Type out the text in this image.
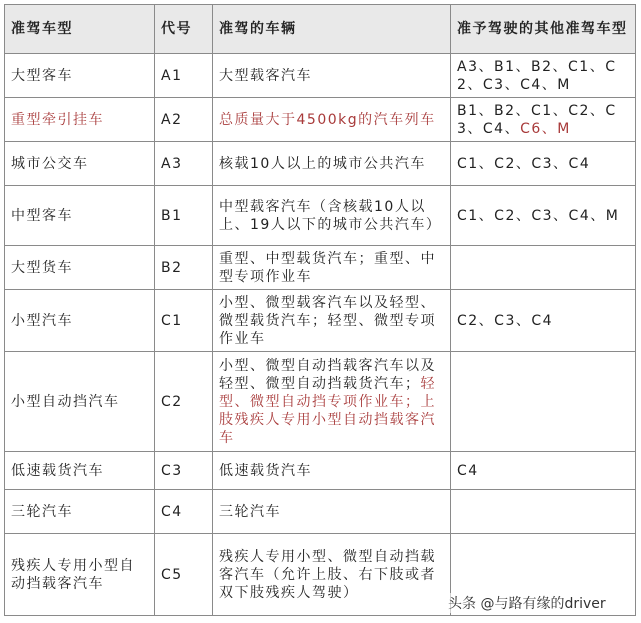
准驾车型	代号	准驾的车辆	准予驾驶的其他准驾车型
大型客车	A1	大型载客汽车	A3、B1、B2、C1、C2、C3、C4、M
重型牵引挂车	A2	总质量大于4500kg的汽车列车	B1、B2、C1、C2、C3、C4、C6、M
城市公交车	A3	核载10人以上的城市公共汽车	C1、C2、C3、C4
中型客车	B1	中型载客汽车（含核载10人以上、19人以下的城市公共汽车）	C1、C2、C3、C4、M
大型货车	B2	重型、中型载货汽车；重型、中型专项作业车	
小型汽车	C1	小型、微型载客汽车以及轻型、微型载货汽车；轻型、微型专项作业车	C2、C3、C4
小型自动挡汽车	C2	小型、微型自动挡载客汽车以及轻型、微型自动挡载货汽车；轻型、微型自动挡专项作业车；上肢残疾人专用小型自动挡载客汽车	
低速载货汽车	C3	低速载货汽车	C4
三轮汽车	C4	三轮汽车	
残疾人专用小型自动挡载客汽车	C5	残疾人专用小型、微型自动挡载客汽车（允许上肢、右下肢或者双下肢残疾人驾驶）	
头条 @与路有缘的driver
